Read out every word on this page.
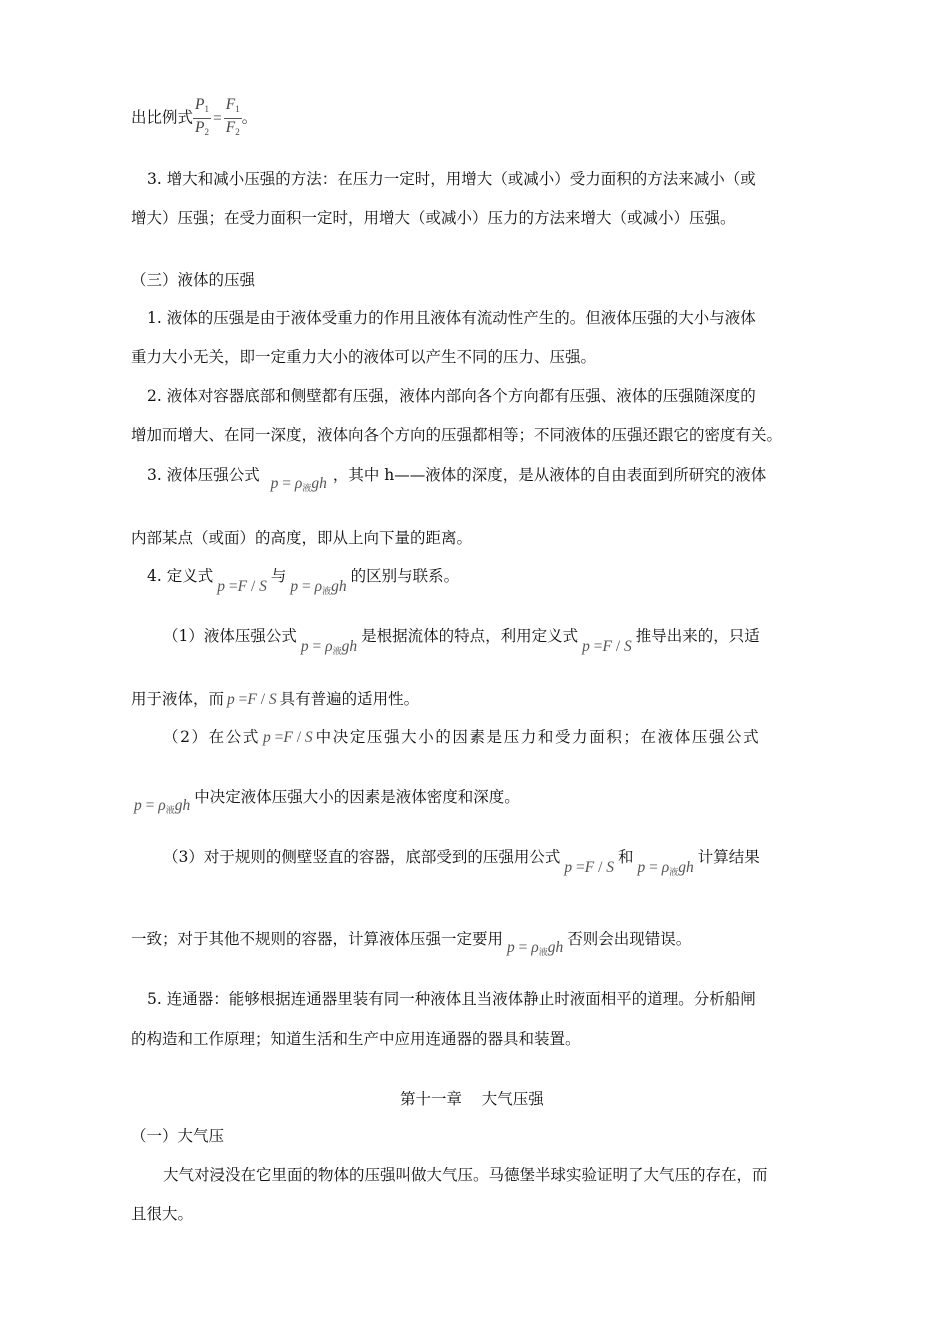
出比例式 $\frac{P1}{P2} = \frac{F1}{F2}$ 。
3. 增大和减小压强的方法：在压力一定时，用增大（或减小）受力面积的方法来减小（或
增大）压强；在受力面积一定时，用增大（或减小）压力的方法来增大（或减小）压强。
（三）液体的压强
1. 液体的压强是由于液体受重力的作用且液体有流动性产生的。但液体压强的大小与液体
重力大小无关，即一定重力大小的液体可以产生不同的压力、压强。
2. 液体对容器底部和侧壁都有压强，液体内部向各个方向都有压强、液体的压强随深度的
增加而增大、在同一深度，液体向各个方向的压强都相等；不同液体的压强还跟它的密度有关。
3. 液体压强公式 $p = \rho_液gh$ ，其中 h——液体的深度，是从液体的自由表面到所研究的液体
内部某点（或面）的高度，即从上向下量的距离。
4. 定义式p =F / S与$p = \rho_液gh$的区别与联系。
（1）液体压强公式$p = \rho_液gh$是根据流体的特点，利用定义式p =F / S推导出来的，只适
用于液体，而 p =F / S 具有普遍的适用性。
（2）在公式 p =F / S 中决定压强大小的因素是压力和受力面积；在液体压强公式
$p = \rho_液gh$ 中决定液体压强大小的因素是液体密度和深度。
（3）对于规则的侧壁竖直的容器，底部受到的压强用公式p =F / S和$p = \rho_液gh$计算结果
一致；对于其他不规则的容器，计算液体压强一定要用 $p = \rho_液gh$ 否则会出现错误。
5. 连通器：能够根据连通器里装有同一种液体且当液体静止时液面相平的道理。分析船闸
的构造和工作原理；知道生活和生产中应用连通器的器具和装置。
第十一章    大气压强
（一）大气压
大气对浸没在它里面的物体的压强叫做大气压。马德堡半球实验证明了大气压的存在，而
且很大。
